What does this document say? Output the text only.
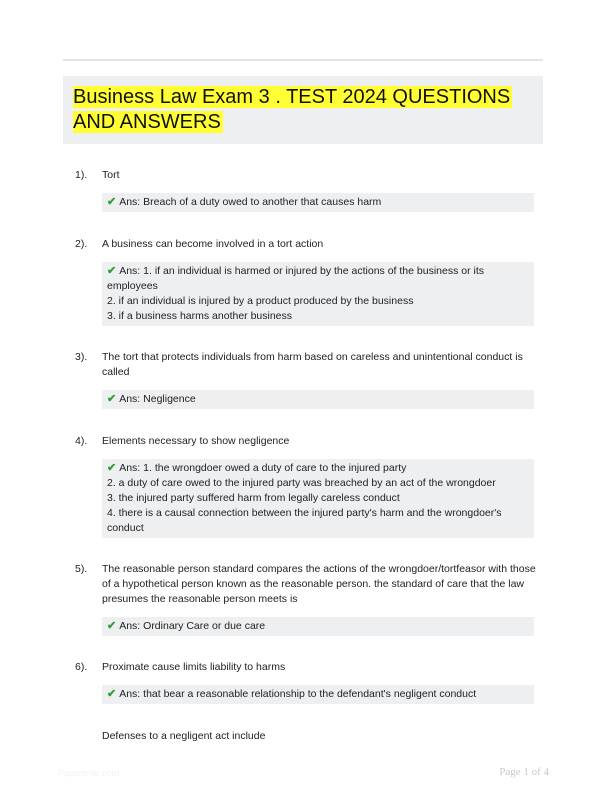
Business Law Exam 3 . TEST 2024 QUESTIONS AND ANSWERS
1).	Tort
✔ Ans: Breach of a duty owed to another that causes harm
2).	A business can become involved in a tort action
✔ Ans: 1. if an individual is harmed or injured by the actions of the business or its employees
2. if an individual is injured by a product produced by the business
3. if a business harms another business
3).	The tort that protects individuals from harm based on careless and unintentional conduct is called
✔ Ans: Negligence
4).	Elements necessary to show negligence
✔ Ans: 1. the wrongdoer owed a duty of care to the injured party
2. a duty of care owed to the injured party was breached by an act of the wrongdoer
3. the injured party suffered harm from legally careless conduct
4. there is a causal connection between the injured party's harm and the wrongdoer's conduct
5).	The reasonable person standard compares the actions of the wrongdoer/tortfeasor with those of a hypothetical person known as the reasonable person. the standard of care that the law presumes the reasonable person meets is
✔ Ans: Ordinary Care or due care
6).	Proximate cause limits liability to harms
✔ Ans: that bear a reasonable relationship to the defendant's negligent conduct
Defenses to a negligent act include
Paperbrite.com	Page 1 of 4
